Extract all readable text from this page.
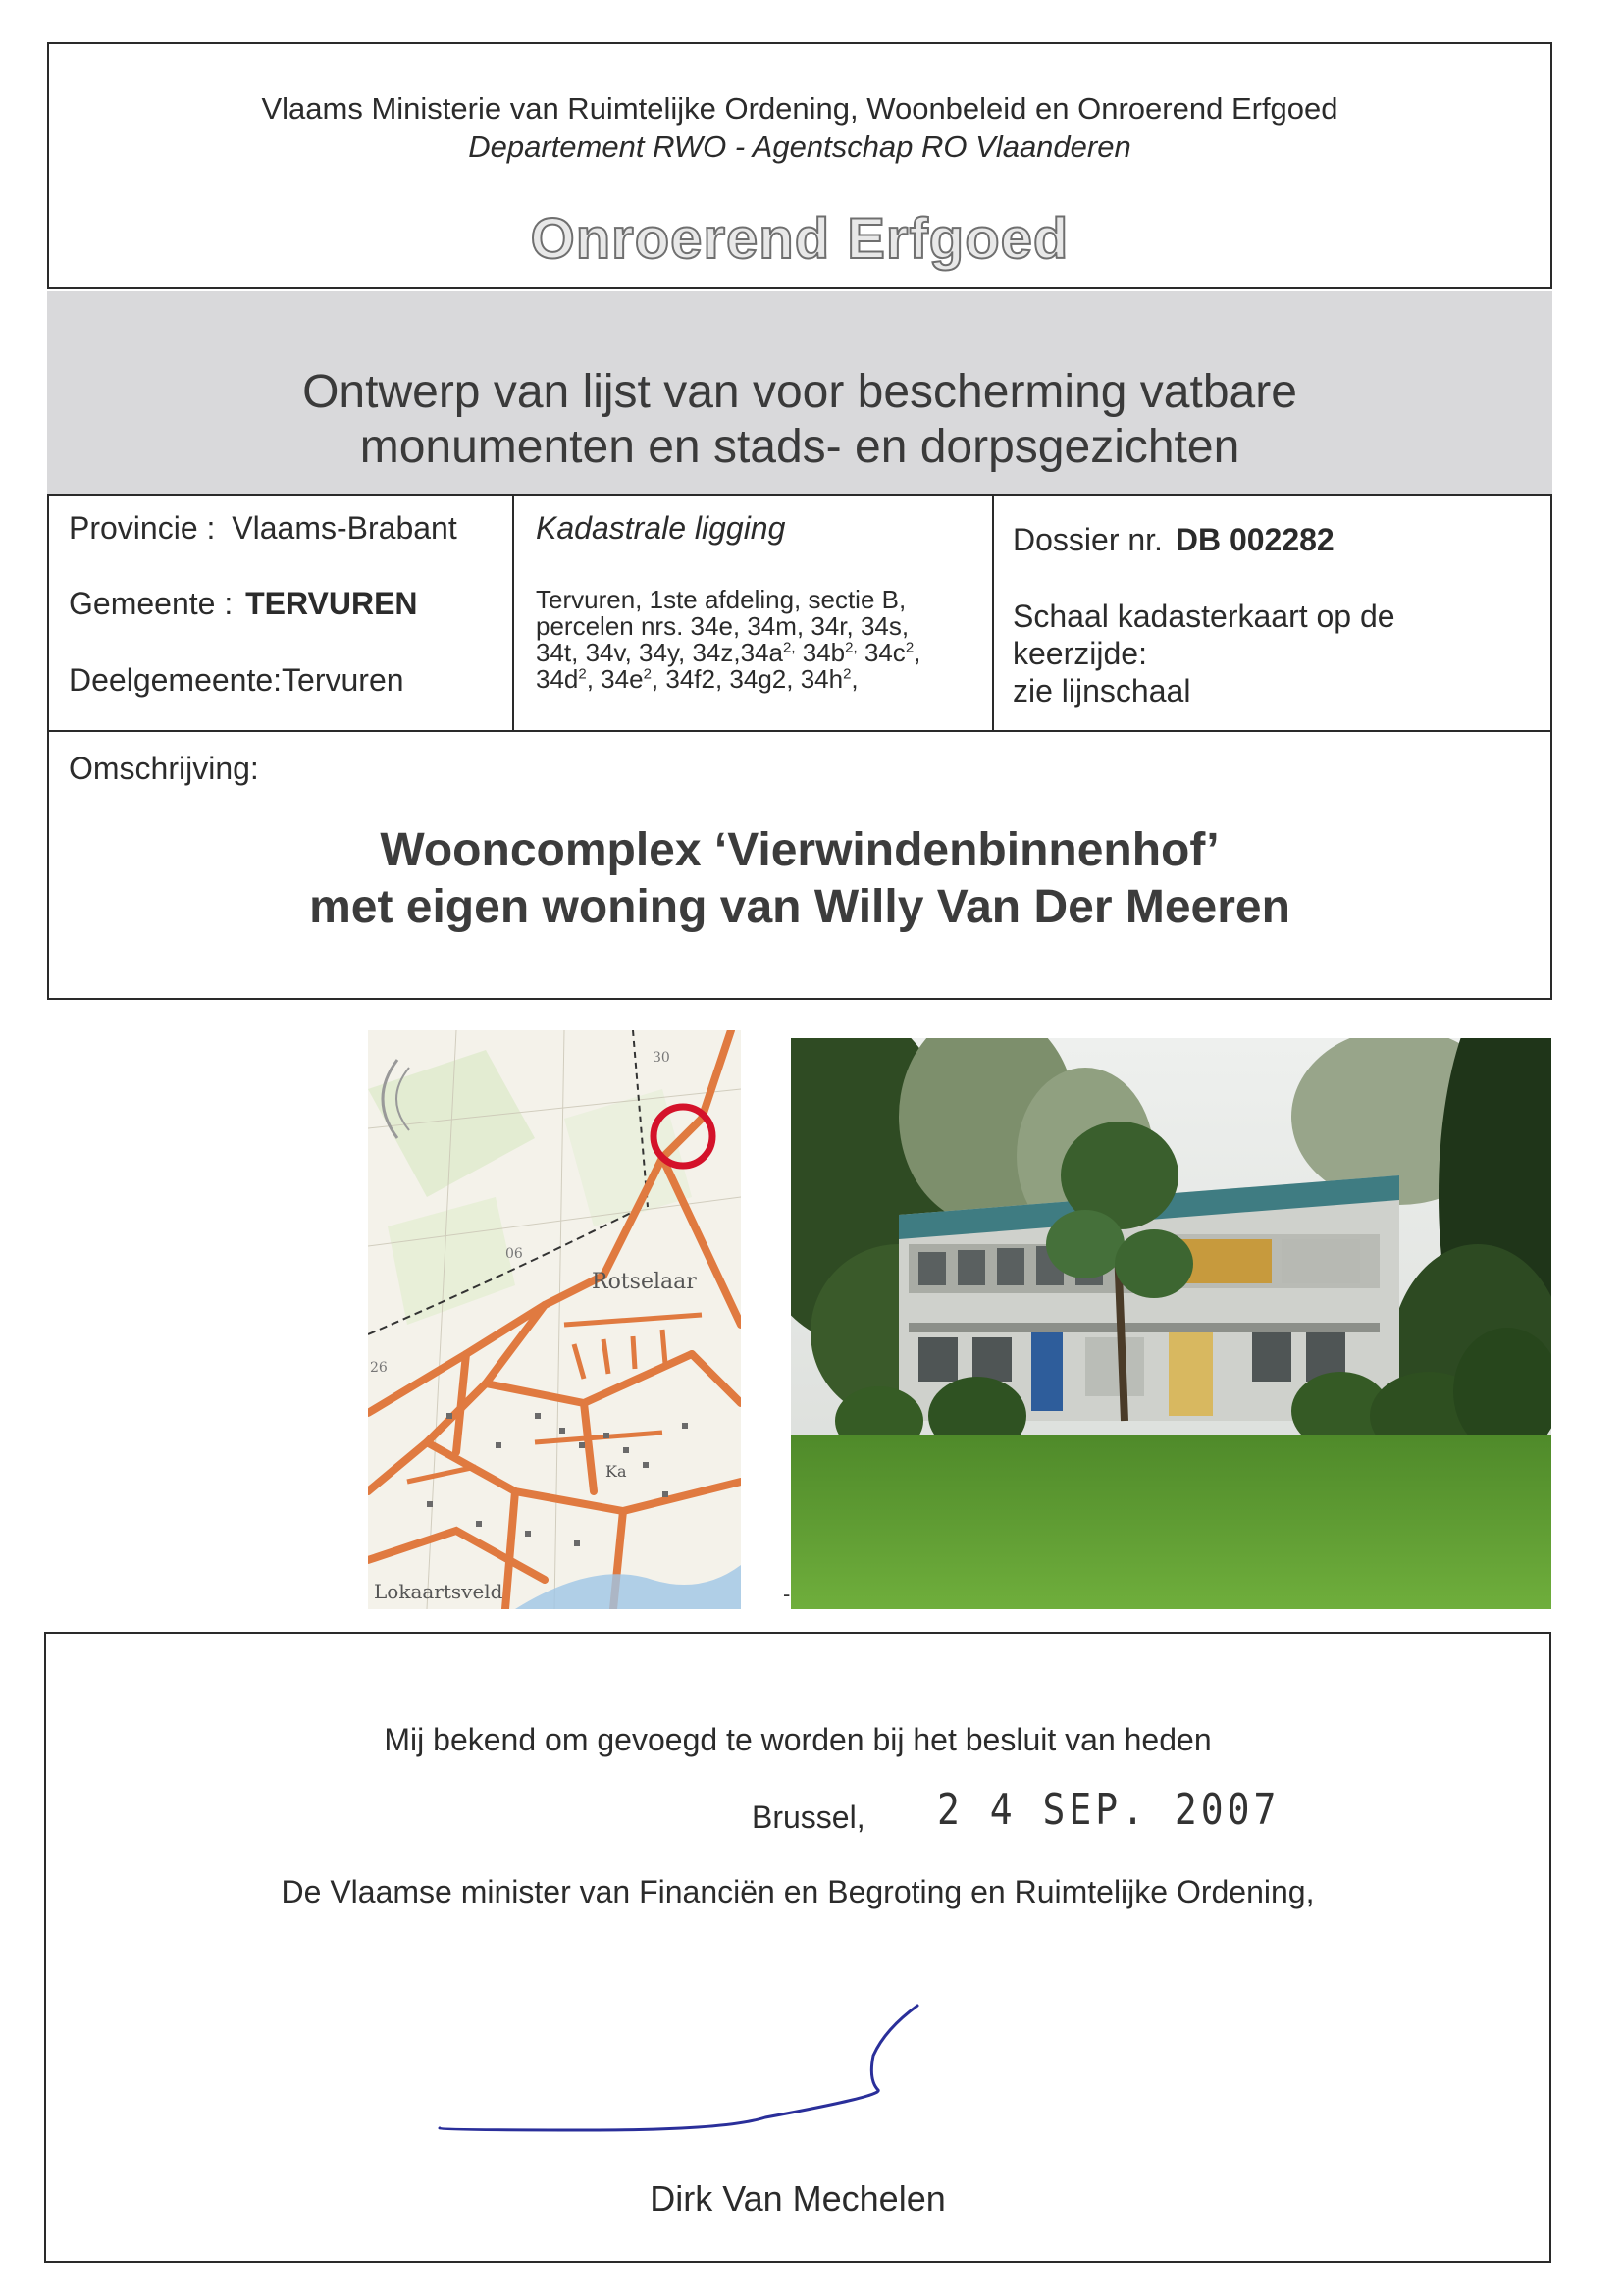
Vlaams Ministerie van Ruimtelijke Ordening, Woonbeleid en Onroerend Erfgoed
Departement RWO - Agentschap RO Vlaanderen
Onroerend Erfgoed
Ontwerp van lijst van voor bescherming vatbare
monumenten en stads- en dorpsgezichten
Provincie : Vlaams-Brabant
Gemeente : TERVUREN
Deelgemeente:Tervuren
Kadastrale ligging
Tervuren, 1ste afdeling, sectie B,
percelen nrs. 34e, 34m, 34r, 34s,
34t, 34v, 34y, $34z,34a^{2,}$ $34b^{2,}$ $34c^2$,
$34d^2$, $34e^2$, 34f2, 34g2, $34h^2$,
Dossier nr. DB 002282
Schaal kadasterkaart op de
keerzijde:
zie lijnschaal
Omschrijving:
Wooncomplex ‘Vierwindenbinnenhof’
met eigen woning van Willy Van Der Meeren
Rotselaar
Lokaartsveld
30
06
Ka
26
-
Mij bekend om gevoegd te worden bij het besluit van heden
Brussel, 2 4 SEP. 2007
De Vlaamse minister van Financiën en Begroting en Ruimtelijke Ordening,
Dirk Van Mechelen
